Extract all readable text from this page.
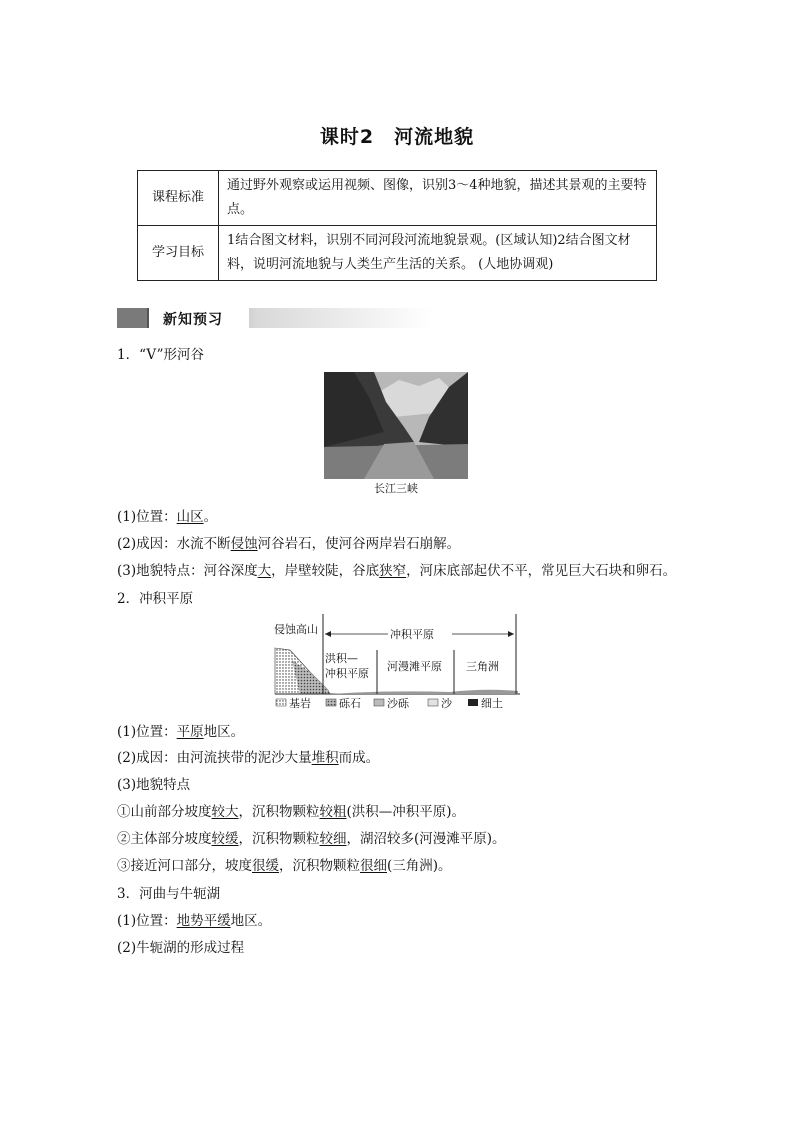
课时2　河流地貌
课程标准	通过野外观察或运用视频、图像，识别3～4种地貌，描述其景观的主要特点。
学习目标	1结合图文材料，识别不同河段河流地貌景观。(区域认知)2结合图文材料，说明河流地貌与人类生产生活的关系。 (人地协调观)
新知预习
1．“V”形河谷
长江三峡
(1)位置：山区。
(2)成因：水流不断侵蚀河谷岩石，使河谷两岸岩石崩解。
(3)地貌特点：河谷深度大，岸壁较陡，谷底狭窄，河床底部起伏不平，常见巨大石块和卵石。
2．冲积平原
侵蚀高山	冲积平原
洪积—
冲积平原
河漫滩平原 三角洲
基岩	砾石 沙砾	沙	细土
(1)位置：平原地区。
(2)成因：由河流挟带的泥沙大量堆积而成。
(3)地貌特点
①山前部分坡度较大，沉积物颗粒较粗(洪积—冲积平原)。
②主体部分坡度较缓，沉积物颗粒较细，湖沼较多(河漫滩平原)。
③接近河口部分，坡度很缓，沉积物颗粒很细(三角洲)。
3．河曲与牛轭湖
(1)位置：地势平缓地区。
(2)牛轭湖的形成过程
